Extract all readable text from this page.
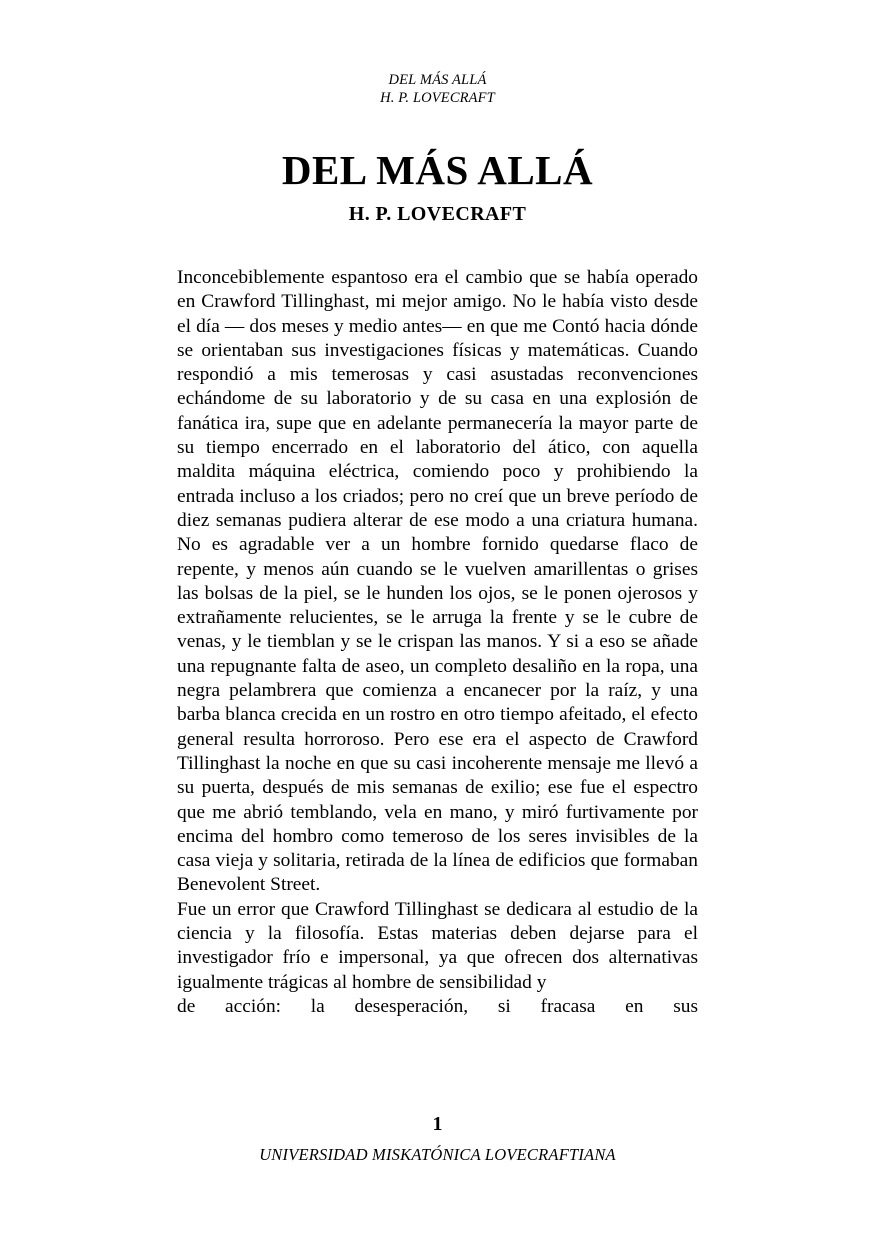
DEL MÁS ALLÁ
H. P. LOVECRAFT
DEL MÁS ALLÁ
H. P. LOVECRAFT

Inconcebiblemente espantoso era el cambio que se había operado en Crawford Tillinghast, mi mejor amigo. No le había visto desde el día — dos meses y medio antes— en que me Contó hacia dónde se orientaban sus investigaciones físicas y matemáticas. Cuando respondió a mis temerosas y casi asustadas reconvenciones echándome de su laboratorio y de su casa en una explosión de fanática ira, supe que en adelante permanecería la mayor parte de su tiempo encerrado en el laboratorio del ático, con aquella maldita máquina eléctrica, comiendo poco y prohibiendo la entrada incluso a los criados; pero no creí que un breve período de diez semanas pudiera alterar de ese modo a una criatura humana. No es agradable ver a un hombre fornido quedarse flaco de repente, y menos aún cuando se le vuelven amarillentas o grises las bolsas de la piel, se le hunden los ojos, se le ponen ojerosos y extrañamente relucientes, se le arruga la frente y se le cubre de venas, y le tiemblan y se le crispan las manos. Y si a eso se añade una repugnante falta de aseo, un completo desaliño en la ropa, una negra pelambrera que comienza a encanecer por la raíz, y una barba blanca crecida en un rostro en otro tiempo afeitado, el efecto general resulta horroroso. Pero ese era el aspecto de Crawford Tillinghast la noche en que su casi incoherente mensaje me llevó a su puerta, después de mis semanas de exilio; ese fue el espectro que me abrió temblando, vela en mano, y miró furtivamente por encima del hombro como temeroso de los seres invisibles de la casa vieja y solitaria, retirada de la línea de edificios que formaban Benevolent Street.

Fue un error que Crawford Tillinghast se dedicara al estudio de la ciencia y la filosofía. Estas materias deben dejarse para el investigador frío e impersonal, ya que ofrecen dos alternativas igualmente trágicas al hombre de sensibilidad y
de acción: la desesperación, si fracasa en sus

1
UNIVERSIDAD MISKATÓNICA LOVECRAFTIANA
